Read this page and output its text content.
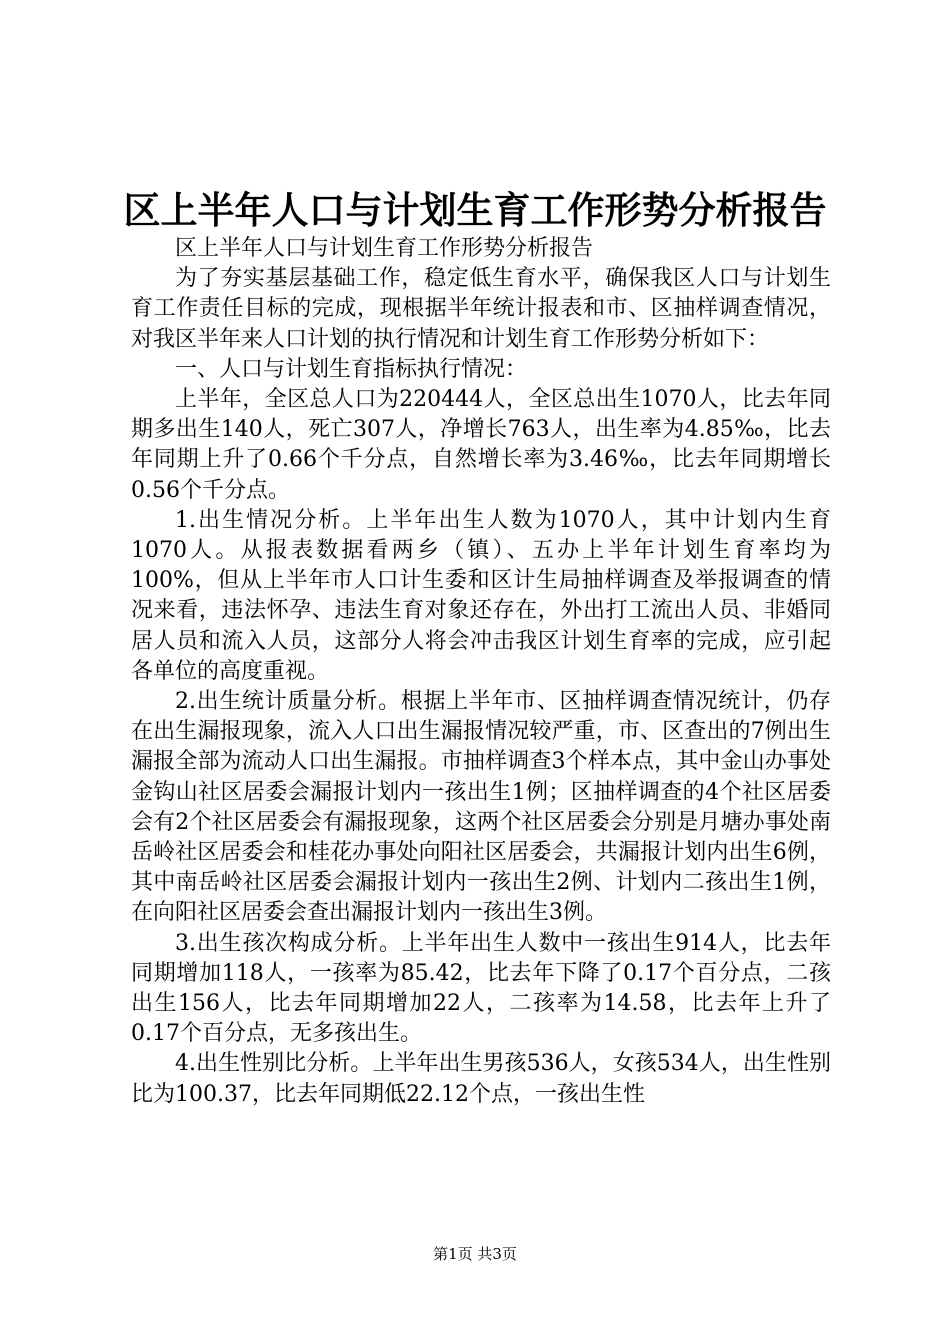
区上半年人口与计划生育工作形势分析报告

区上半年人口与计划生育工作形势分析报告

为了夯实基层基础工作，稳定低生育水平，确保我区人口与计划生育工作责任目标的完成，现根据半年统计报表和市、区抽样调查情况，对我区半年来人口计划的执行情况和计划生育工作形势分析如下：

一、人口与计划生育指标执行情况：

上半年，全区总人口为220444人，全区总出生1070人，比去年同期多出生140人，死亡307人，净增长763人，出生率为4.85‰，比去年同期上升了0.66个千分点，自然增长率为3.46‰，比去年同期增长0.56个千分点。

1.出生情况分析。上半年出生人数为1070人，其中计划内生育1070人。从报表数据看两乡（镇）、五办上半年计划生育率均为100%，但从上半年市人口计生委和区计生局抽样调查及举报调查的情况来看，违法怀孕、违法生育对象还存在，外出打工流出人员、非婚同居人员和流入人员，这部分人将会冲击我区计划生育率的完成，应引起各单位的高度重视。

2.出生统计质量分析。根据上半年市、区抽样调查情况统计，仍存在出生漏报现象，流入人口出生漏报情况较严重，市、区查出的7例出生漏报全部为流动人口出生漏报。市抽样调查3个样本点，其中金山办事处金钩山社区居委会漏报计划内一孩出生1例；区抽样调查的4个社区居委会有2个社区居委会有漏报现象，这两个社区居委会分别是月塘办事处南岳岭社区居委会和桂花办事处向阳社区居委会，共漏报计划内出生6例，其中南岳岭社区居委会漏报计划内一孩出生2例、计划内二孩出生1例，在向阳社区居委会查出漏报计划内一孩出生3例。

3.出生孩次构成分析。上半年出生人数中一孩出生914人，比去年同期增加118人，一孩率为85.42，比去年下降了0.17个百分点，二孩出生156人，比去年同期增加22人，二孩率为14.58，比去年上升了0.17个百分点，无多孩出生。

4.出生性别比分析。上半年出生男孩536人，女孩534人，出生性别比为100.37，比去年同期低22.12个点，一孩出生性

第1页 共3页
